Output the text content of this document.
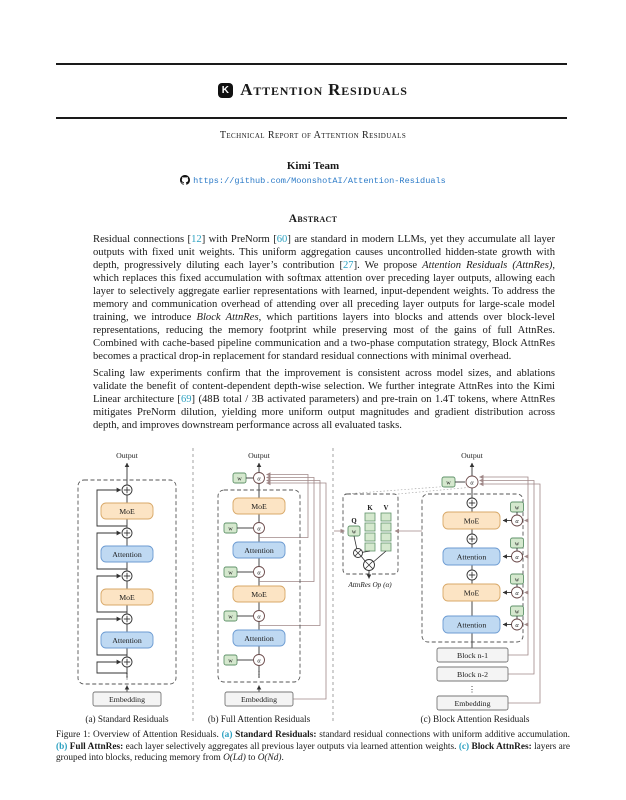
K Attention Residuals
Technical Report of Attention Residuals
Kimi Team
https://github.com/MoonshotAI/Attention-Residuals
Abstract

Residual connections [12] with PreNorm [60] are standard in modern LLMs, yet they accumulate all layer outputs with fixed unit weights. This uniform aggregation causes uncontrolled hidden-state growth with depth, progressively diluting each layer’s contribution [27]. We propose Attention Residuals (AttnRes), which replaces this fixed accumulation with softmax attention over preceding layer outputs, allowing each layer to selectively aggregate earlier representations with learned, input-dependent weights. To address the memory and communication overhead of attending over all preceding layer outputs for large-scale model training, we introduce Block AttnRes, which partitions layers into blocks and attends over block-level representations, reducing the memory footprint while preserving most of the gains of full AttnRes. Combined with cache-based pipeline communication and a two-phase computation strategy, Block AttnRes becomes a practical drop-in replacement for standard residual connections with minimal overhead.

Scaling law experiments confirm that the improvement is consistent across model sizes, and ablations validate the benefit of content-dependent depth-wise selection. We further integrate AttnRes into the Kimi Linear architecture [69] (48B total / 3B activated parameters) and pre-train on 1.4T tokens, where AttnRes mitigates PreNorm dilution, yielding more uniform output magnitudes and gradient distribution across depth, and improves downstream performance across all evaluated tasks.

Output
MoE
Attention
MoE
Attention
⋮
Embedding
(a) Standard Residuals
Output
w α
MoE
w	α
Attention
w	α
MoE
w	α
Attention
w	α
⋮
Embedding
(b) Full Attention Residuals
Output
w	α
MoE
w
α
Attention
w
α
MoE
w
α
Attention
w
α
Block n-1
Block n-2
⋮
Embedding
Q
K V
w
AttnRes Op (α)
(c) Block Attention Residuals
Figure 1: Overview of Attention Residuals. (a) Standard Residuals: standard residual connections with uniform additive accumulation. (b) Full AttnRes: each layer selectively aggregates all previous layer outputs via learned attention weights. (c) Block AttnRes: layers are grouped into blocks, reducing memory from O(Ld) to O(Nd).
